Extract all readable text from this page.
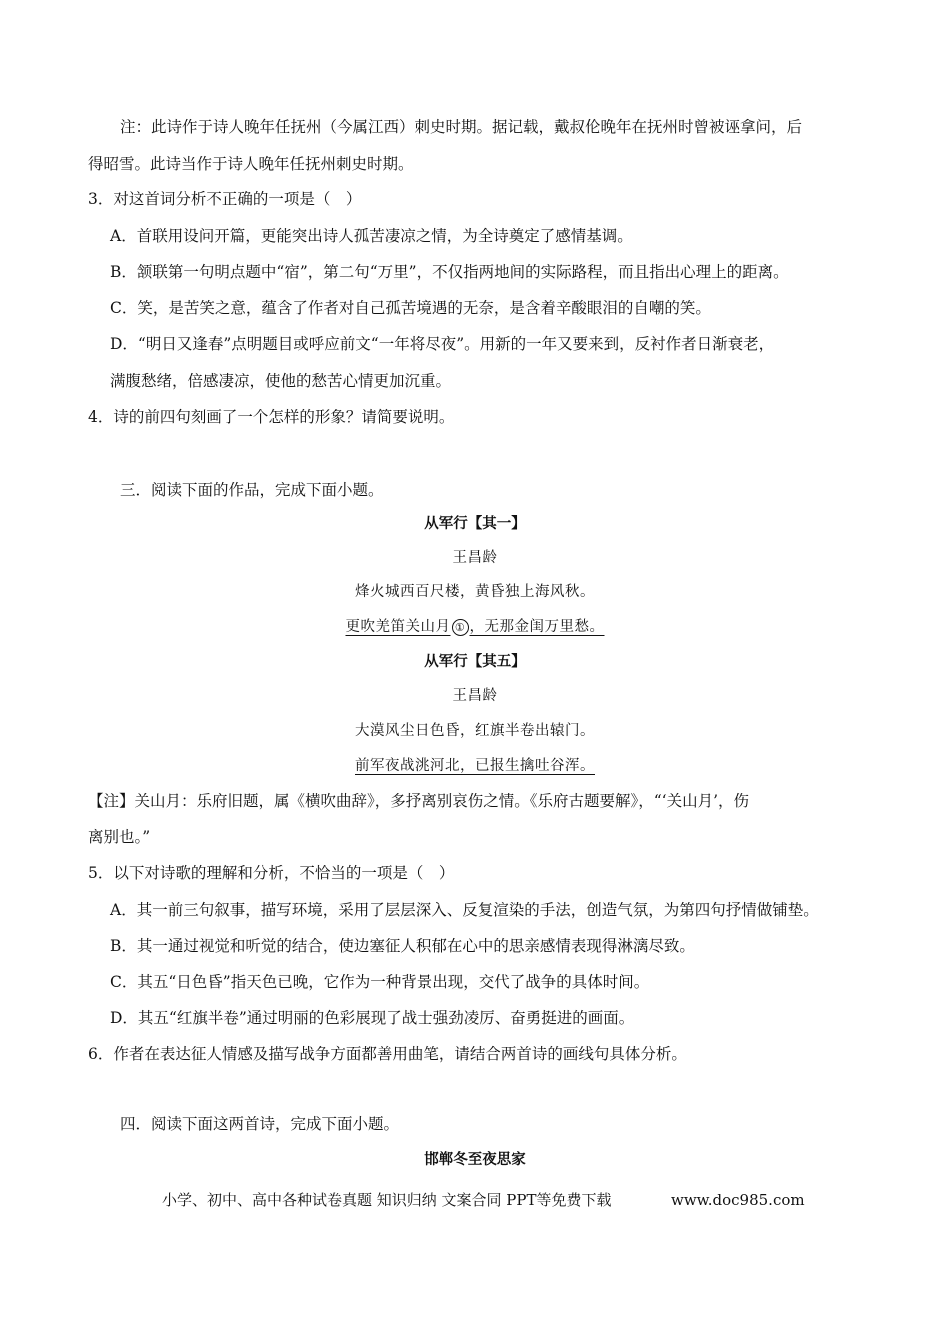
注：此诗作于诗人晚年任抚州（今属江西）刺史时期。据记载，戴叔伦晚年在抚州时曾被诬拿问，后
得昭雪。此诗当作于诗人晚年任抚州刺史时期。
3．对这首词分析不正确的一项是（　）
A．首联用设问开篇，更能突出诗人孤苦凄凉之情，为全诗奠定了感情基调。
B．颔联第一句明点题中“宿”，第二句“万里”，不仅指两地间的实际路程，而且指出心理上的距离。
C．笑，是苦笑之意，蕴含了作者对自己孤苦境遇的无奈，是含着辛酸眼泪的自嘲的笑。
D．“明日又逢春”点明题目或呼应前文“一年将尽夜”。用新的一年又要来到，反衬作者日渐衰老，
满腹愁绪，倍感凄凉，使他的愁苦心情更加沉重。
4．诗的前四句刻画了一个怎样的形象？请简要说明。
三．阅读下面的作品，完成下面小题。
从军行【其一】
王昌龄
烽火城西百尺楼，黄昏独上海风秋。
更吹羌笛关山月 ① ，无那金闺万里愁。
从军行【其五】
王昌龄
大漠风尘日色昏，红旗半卷出辕门。
前军夜战洮河北，已报生擒吐谷浑。
【注】关山月：乐府旧题，属《横吹曲辞》，多抒离别哀伤之情。《乐府古题要解》，“‘关山月’，伤
离别也。”
5．以下对诗歌的理解和分析，不恰当的一项是（　）
A．其一前三句叙事，描写环境，采用了层层深入、反复渲染的手法，创造气氛，为第四句抒情做铺垫。
B．其一通过视觉和听觉的结合，使边塞征人积郁在心中的思亲感情表现得淋漓尽致。
C．其五“日色昏”指天色已晚，它作为一种背景出现，交代了战争的具体时间。
D．其五“红旗半卷”通过明丽的色彩展现了战士强劲凌厉、奋勇挺进的画面。
6．作者在表达征人情感及描写战争方面都善用曲笔，请结合两首诗的画线句具体分析。
四．阅读下面这两首诗，完成下面小题。
邯郸冬至夜思家
小学、初中、高中各种试卷真题 知识归纳 文案合同 PPT等免费下载	www.doc985.com
